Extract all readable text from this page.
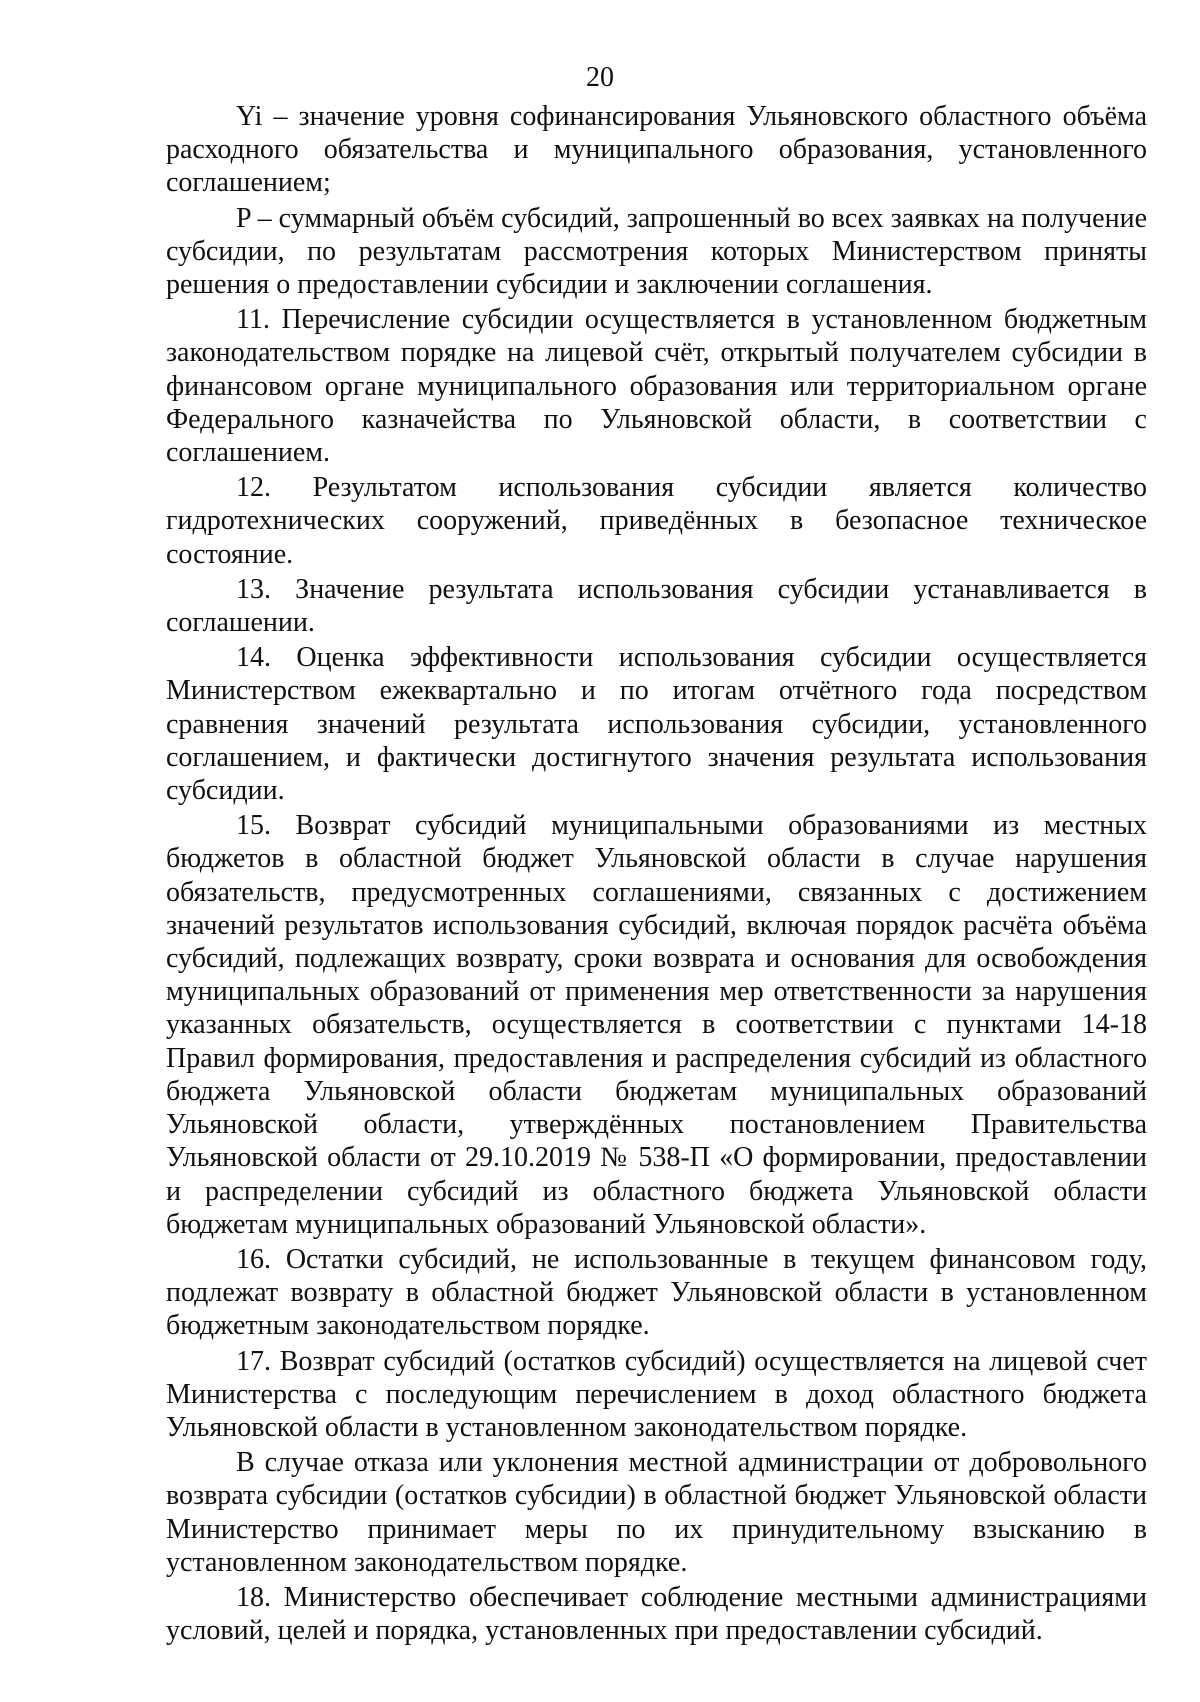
20

Yi – значение уровня софинансирования Ульяновского областного объёма расходного обязательства и муниципального образования, установленного соглашением;

P – суммарный объём субсидий, запрошенный во всех заявках на получение субсидии, по результатам рассмотрения которых Министерством приняты решения о предоставлении субсидии и заключении соглашения.

11. Перечисление субсидии осуществляется в установленном бюджетным законодательством порядке на лицевой счёт, открытый получателем субсидии в финансовом органе муниципального образования или территориальном органе Федерального казначейства по Ульяновской области, в соответствии с соглашением.

12. Результатом использования субсидии является количество гидротехнических сооружений, приведённых в безопасное техническое состояние.

13. Значение результата использования субсидии устанавливается в соглашении.

14. Оценка эффективности использования субсидии осуществляется Министерством ежеквартально и по итогам отчётного года посредством сравнения значений результата использования субсидии, установленного соглашением, и фактически достигнутого значения результата использования субсидии.

15. Возврат субсидий муниципальными образованиями из местных бюджетов в областной бюджет Ульяновской области в случае нарушения обязательств, предусмотренных соглашениями, связанных с достижением значений результатов использования субсидий, включая порядок расчёта объёма субсидий, подлежащих возврату, сроки возврата и основания для освобождения муниципальных образований от применения мер ответственности за нарушения указанных обязательств, осуществляется в соответствии с пунктами 14-18 Правил формирования, предоставления и распределения субсидий из областного бюджета Ульяновской области бюджетам муниципальных образований Ульяновской области, утверждённых постановлением Правительства Ульяновской области от 29.10.2019 № 538-П «О формировании, предоставлении и распределении субсидий из областного бюджета Ульяновской области бюджетам муниципальных образований Ульяновской области».

16. Остатки субсидий, не использованные в текущем финансовом году, подлежат возврату в областной бюджет Ульяновской области в установленном бюджетным законодательством порядке.

17. Возврат субсидий (остатков субсидий) осуществляется на лицевой счет Министерства с последующим перечислением в доход областного бюджета Ульяновской области в установленном законодательством порядке.

В случае отказа или уклонения местной администрации от добровольного возврата субсидии (остатков субсидии) в областной бюджет Ульяновской области Министерство принимает меры по их принудительному взысканию в установленном законодательством порядке.

18. Министерство обеспечивает соблюдение местными администрациями условий, целей и порядка, установленных при предоставлении субсидий.
